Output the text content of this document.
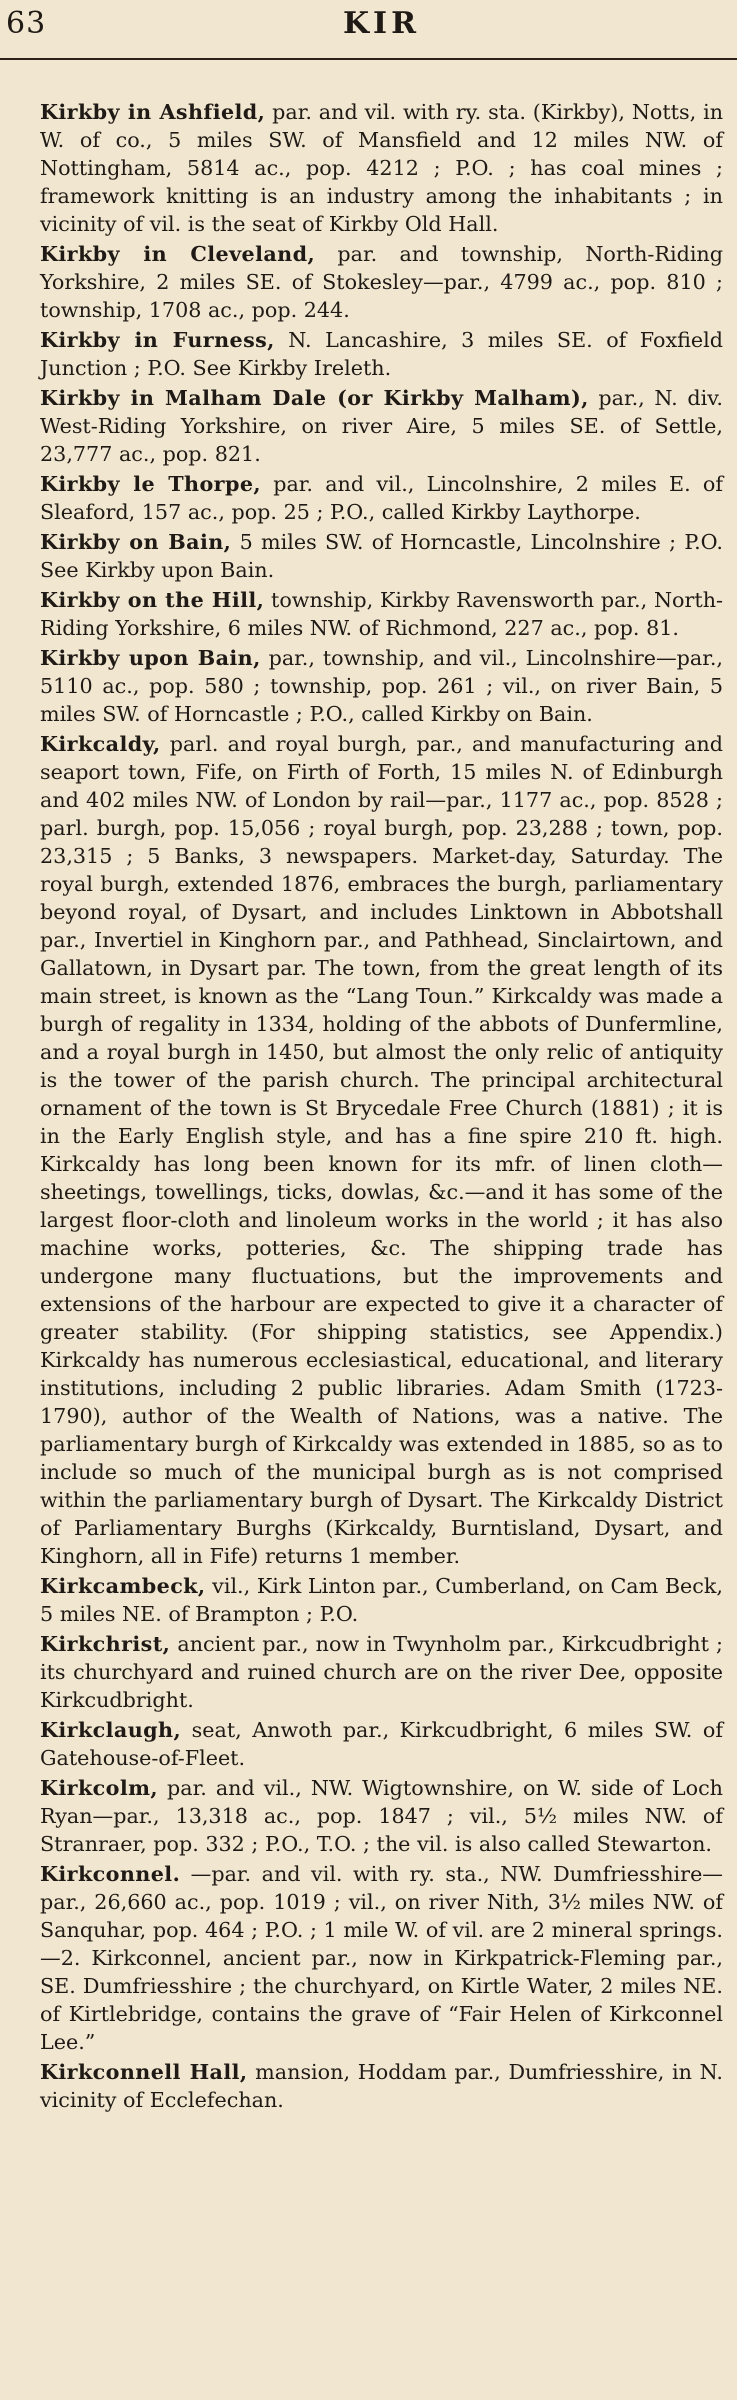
63	KIR

Kirkby in Ashfield, par. and vil. with ry. sta. (Kirkby), Notts, in W. of co., 5 miles SW. of Mansfield and 12 miles NW. of Nottingham, 5814 ac., pop. 4212 ; P.O. ; has coal mines ; framework knitting is an industry among the inhabitants ; in vicinity of vil. is the seat of Kirkby Old Hall.

Kirkby in Cleveland, par. and township, North-Riding Yorkshire, 2 miles SE. of Stokesley—par., 4799 ac., pop. 810 ; township, 1708 ac., pop. 244.

Kirkby in Furness, N. Lancashire, 3 miles SE. of Foxfield Junction ; P.O. See Kirkby Ireleth.

Kirkby in Malham Dale (or Kirkby Malham), par., N. div. West-Riding Yorkshire, on river Aire, 5 miles SE. of Settle, 23,777 ac., pop. 821.

Kirkby le Thorpe, par. and vil., Lincolnshire, 2 miles E. of Sleaford, 157 ac., pop. 25 ; P.O., called Kirkby Laythorpe.

Kirkby on Bain, 5 miles SW. of Horncastle, Lincolnshire ; P.O. See Kirkby upon Bain.

Kirkby on the Hill, township, Kirkby Ravensworth par., North-Riding Yorkshire, 6 miles NW. of Richmond, 227 ac., pop. 81.

Kirkby upon Bain, par., township, and vil., Lincolnshire—par., 5110 ac., pop. 580 ; township, pop. 261 ; vil., on river Bain, 5 miles SW. of Horncastle ; P.O., called Kirkby on Bain.

Kirkcaldy, parl. and royal burgh, par., and manufacturing and seaport town, Fife, on Firth of Forth, 15 miles N. of Edinburgh and 402 miles NW. of London by rail—par., 1177 ac., pop. 8528 ; parl. burgh, pop. 15,056 ; royal burgh, pop. 23,288 ; town, pop. 23,315 ; 5 Banks, 3 newspapers. Market-day, Saturday. The royal burgh, extended 1876, embraces the burgh, parliamentary beyond royal, of Dysart, and includes Linktown in Abbotshall par., Invertiel in Kinghorn par., and Pathhead, Sinclairtown, and Gallatown, in Dysart par. The town, from the great length of its main street, is known as the “Lang Toun.” Kirkcaldy was made a burgh of regality in 1334, holding of the abbots of Dunfermline, and a royal burgh in 1450, but almost the only relic of antiquity is the tower of the parish church. The principal architectural ornament of the town is St Brycedale Free Church (1881) ; it is in the Early English style, and has a fine spire 210 ft. high. Kirkcaldy has long been known for its mfr. of linen cloth—sheetings, towellings, ticks, dowlas, &c.—and it has some of the largest floor-cloth and linoleum works in the world ; it has also machine works, potteries, &c. The shipping trade has undergone many fluctuations, but the improvements and extensions of the harbour are expected to give it a character of greater stability. (For shipping statistics, see Appendix.) Kirkcaldy has numerous ecclesiastical, educational, and literary institutions, including 2 public libraries. Adam Smith (1723-1790), author of the Wealth of Nations, was a native. The parliamentary burgh of Kirkcaldy was extended in 1885, so as to include so much of the municipal burgh as is not comprised within the parliamentary burgh of Dysart. The Kirkcaldy District of Parliamentary Burghs (Kirkcaldy, Burntisland, Dysart, and Kinghorn, all in Fife) returns 1 member.

Kirkcambeck, vil., Kirk Linton par., Cumberland, on Cam Beck, 5 miles NE. of Brampton ; P.O.

Kirkchrist, ancient par., now in Twynholm par., Kirkcudbright ; its churchyard and ruined church are on the river Dee, opposite Kirkcudbright.

Kirkclaugh, seat, Anwoth par., Kirkcudbright, 6 miles SW. of Gatehouse-of-Fleet.

Kirkcolm, par. and vil., NW. Wigtownshire, on W. side of Loch Ryan—par., 13,318 ac., pop. 1847 ; vil., 5½ miles NW. of Stranraer, pop. 332 ; P.O., T.O. ; the vil. is also called Stewarton.

Kirkconnel. —par. and vil. with ry. sta., NW. Dumfriesshire—par., 26,660 ac., pop. 1019 ; vil., on river Nith, 3½ miles NW. of Sanquhar, pop. 464 ; P.O. ; 1 mile W. of vil. are 2 mineral springs.—2. Kirkconnel, ancient par., now in Kirkpatrick-Fleming par., SE. Dumfriesshire ; the churchyard, on Kirtle Water, 2 miles NE. of Kirtlebridge, contains the grave of “Fair Helen of Kirkconnel Lee.”

Kirkconnell Hall, mansion, Hoddam par., Dumfriesshire, in N. vicinity of Ecclefechan.
